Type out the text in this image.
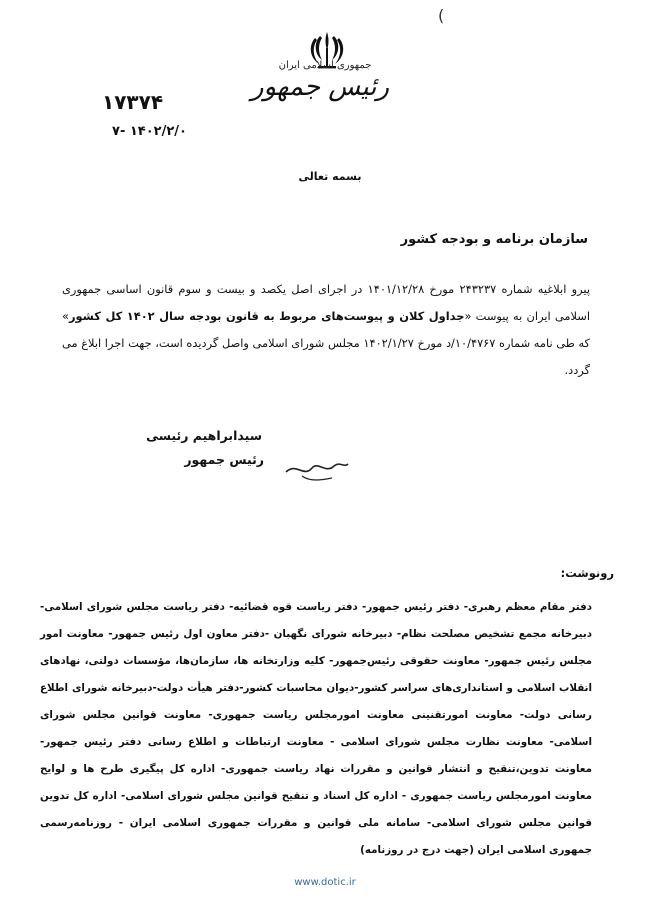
(
جمهوری اسلامی ایران
رئیس جمهور
۱۷۳۷۴
۱۴۰۲/۲/۰ -۷
بسمه تعالی
سازمان برنامه و بودجه کشور
پیرو ابلاغیه شماره ۲۴۳۲۳۷ مورخ ۱۴۰۱/۱۲/۲۸ در اجرای اصل یکصد و بیست و سوم قانون اساسی جمهوری اسلامی ایران به پیوست «جداول کلان و پیوست‌های مربوط به قانون بودجه سال ۱۴۰۲ کل کشور» که طی نامه شماره ۱۰/۴۷۶۷/د مورخ ۱۴۰۲/۱/۲۷ مجلس شورای اسلامی واصل گردیده است، جهت اجرا ابلاغ می گردد.
سیدابراهیم رئیسی
رئیس جمهور
رونوشت:
دفتر مقام معظم رهبری- دفتر رئیس جمهور- دفتر ریاست قوه قضائیه- دفتر ریاست مجلس شورای اسلامی- دبیرخانه مجمع تشخیص مصلحت نظام- دبیرخانه شورای نگهبان -دفتر معاون اول رئیس جمهور- معاونت امور مجلس رئیس جمهور- معاونت حقوقی رئیس‌جمهور- کلیه وزارتخانه ها، سازمان‌ها، مؤسسات دولتی، نهادهای انقلاب اسلامی و استانداری‌های سراسر کشور-دیوان محاسبات کشور-دفتر هیأت دولت-دبیرخانه شورای اطلاع رسانی دولت- معاونت امورتقنینی معاونت امورمجلس ریاست جمهوری- معاونت قوانین مجلس شورای اسلامی- معاونت نظارت مجلس شورای اسلامی - معاونت ارتباطات و اطلاع رسانی دفتر رئیس جمهور- معاونت تدوین،تنقیح و انتشار قوانین و مقررات نهاد ریاست جمهوری- اداره کل پیگیری طرح ها و لوایح معاونت امورمجلس ریاست جمهوری - اداره کل اسناد و تنقیح قوانین مجلس شورای اسلامی- اداره کل تدوین قوانین مجلس شورای اسلامی- سامانه ملی قوانین و مقررات جمهوری اسلامی ایران - روزنامه‌رسمی جمهوری اسلامی ایران (جهت درج در روزنامه)
www.dotic.ir
